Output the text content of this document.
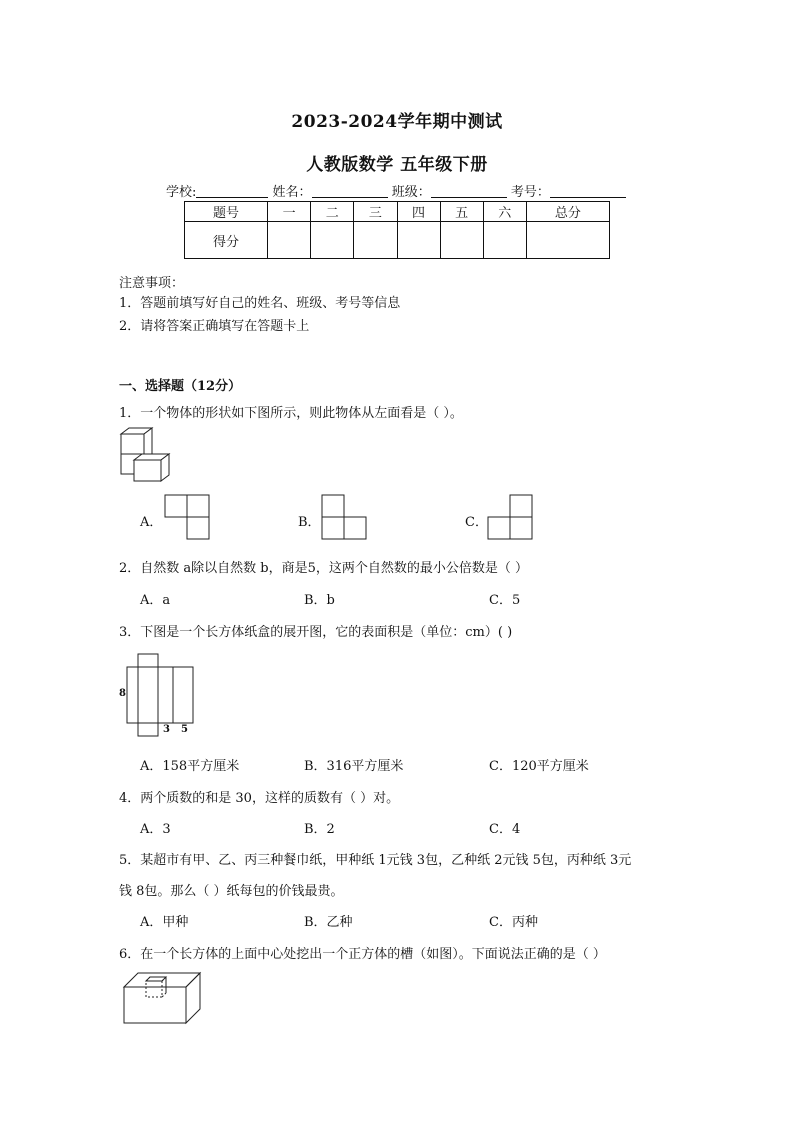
2023-2024学年期中测试
人教版数学 五年级下册
学校:	姓名：	班级：	考号：
题号	一	二	三	四	五	六	总分
得分							
注意事项：
1．答题前填写好自己的姓名、班级、考号等信息
2．请将答案正确填写在答题卡上
一、选择题（12分）
1．一个物体的形状如下图所示，则此物体从左面看是（ ）。
A．	B．	C．
2．自然数 a除以自然数 b，商是5，这两个自然数的最小公倍数是（ ）
A．a	B．b	C．5
3．下图是一个长方体纸盒的展开图，它的表面积是（单位：cm）( )
8
3 5
A．158平方厘米	B．316平方厘米	C．120平方厘米
4．两个质数的和是 30，这样的质数有（ ）对。
A．3	B．2	C．4
5．某超市有甲、乙、丙三种餐巾纸，甲种纸 1元钱 3包，乙种纸 2元钱 5包，丙种纸 3元
钱 8包。那么（ ）纸每包的价钱最贵。
A．甲种	B．乙种	C．丙种
6．在一个长方体的上面中心处挖出一个正方体的槽（如图）。下面说法正确的是（ ）
